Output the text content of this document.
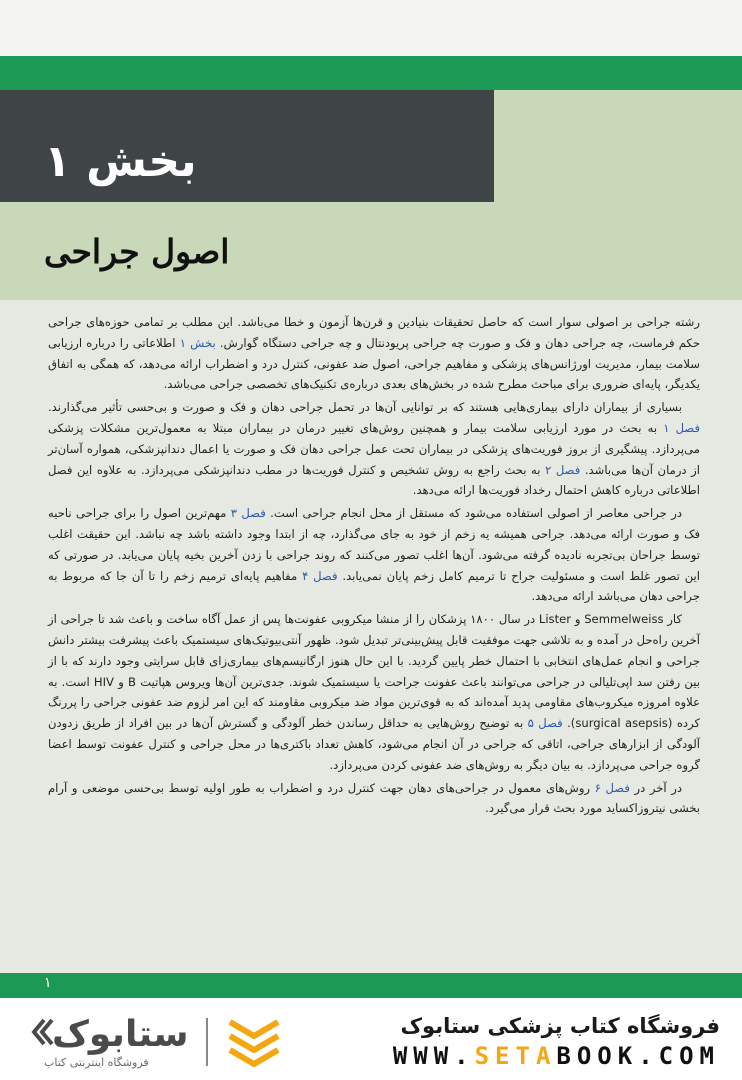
بخش ۱
اصول جراحی

رشته جراحی بر اصولی سوار است که حاصل تحقیقات بنیادین و قرن‌ها آزمون و خطا می‌باشد. این مطلب بر تمامی حوزه‌های جراحی حکم فرماست، چه جراحی دهان و فک و صورت چه جراحی پریودنتال و چه جراحی دستگاه گوارش. بخش ۱ اطلاعاتی را درباره ارزیابی سلامت بیمار، مدیریت اورژانس‌های پزشکی و مفاهیم جراحی، اصول ضد عفونی، کنترل درد و اضطراب ارائه می‌دهد، که همگی به اتفاق یکدیگر، پایه‌ای ضروری برای مباحث مطرح شده در بخش‌های بعدی درباره‌ی تکنیک‌های تخصصی جراحی می‌باشد.

بسیاری از بیماران دارای بیماری‌هایی هستند که بر توانایی آن‌ها در تحمل جراحی دهان و فک و صورت و بی‌حسی تأثیر می‌گذارند. فصل ۱ به بحث در مورد ارزیابی سلامت بیمار و همچنین روش‌های تغییر درمان در بیماران مبتلا به معمول‌ترین مشکلات پزشکی می‌پردازد. پیشگیری از بروز فوریت‌های پزشکی در بیماران تحت عمل جراحی دهان فک و صورت یا اعمال دندانپزشکی، همواره آسان‌تر از درمان آن‌ها می‌باشد. فصل ۲ به بحث راجع به روش تشخیص و کنترل فوریت‌ها در مطب دندانپزشکی می‌پردازد. به علاوه این فصل اطلاعاتی درباره کاهش احتمال رخداد فوریت‌ها ارائه می‌دهد.

در جراحی معاصر از اصولی استفاده می‌شود که مستقل از محل انجام جراحی است. فصل ۳ مهم‌ترین اصول را برای جراحی ناحیه فک و صورت ارائه می‌دهد. جراحی همیشه یه زخم از خود به جای می‌گذارد، چه از ابتدا وجود داشته باشد چه نباشد. این حقیقت اغلب توسط جراحان بی‌تجربه نادیده گرفته می‌شود. آن‌ها اغلب تصور می‌کنند که روند جراحی با زدن آخرین بخیه پایان می‌یابد. در صورتی که این تصور غلط است و مسئولیت جراح تا ترمیم کامل زخم پایان نمی‌یابد. فصل ۴ مفاهیم پایه‌ای ترمیم زخم را تا آن جا که مربوط به جراحی دهان می‌باشد ارائه می‌دهد.

کار Semmelweiss و Lister در سال ۱۸۰۰ پزشکان را از منشا میکروبی عفونت‌ها پس از عمل آگاه ساخت و باعث شد تا جراحی از آخرین راه‌حل در آمده و به تلاشی جهت موفقیت قابل پیش‌بینی‌تر تبدیل شود. ظهور آنتی‌بیوتیک‌های سیستمیک باعث پیشرفت بیشتر دانش جراحی و انجام عمل‌های انتخابی با احتمال خطر پایین گردید. با این حال هنوز ارگانیسم‌های بیماری‌زای قابل سرایتی وجود دارند که با از بین رفتن سد اپی‌تلیالی در جراحی می‌توانند باعث عفونت جراحت یا سیستمیک شوند. جدی‌ترین آن‌ها ویروس هپاتیت B و HIV است. به علاوه امروزه میکروب‌های مقاومی پدید آمده‌اند که به قوی‌ترین مواد ضد میکروبی مقاومند که این امر لزوم ضد عفونی جراحی را پررنگ کرده (surgical asepsis). فصل ۵ به توضیح روش‌هایی به حداقل رساندن خطر آلودگی و گسترش آن‌ها در بین افراد از طریق زدودن آلودگی از ابزارهای جراحی، اتاقی که جراحی در آن انجام می‌شود، کاهش تعداد باکتری‌ها در محل جراحی و کنترل عفونت توسط اعضا گروه جراحی می‌پردازد. به بیان دیگر به روش‌های ضد عفونی کردن می‌پردازد.

در آخر در فصل ۶ روش‌های معمول در جراحی‌های دهان جهت کنترل درد و اضطراب به طور اولیه توسط بی‌حسی موضعی و آرام بخشی نیتروزاکساید مورد بحث قرار می‌گیرد.

۱
ستابوک
فروشگاه اینترنتی کتاب
فروشگاه کتاب پزشکی ستابوک
WWW.SETABOOK.COM
